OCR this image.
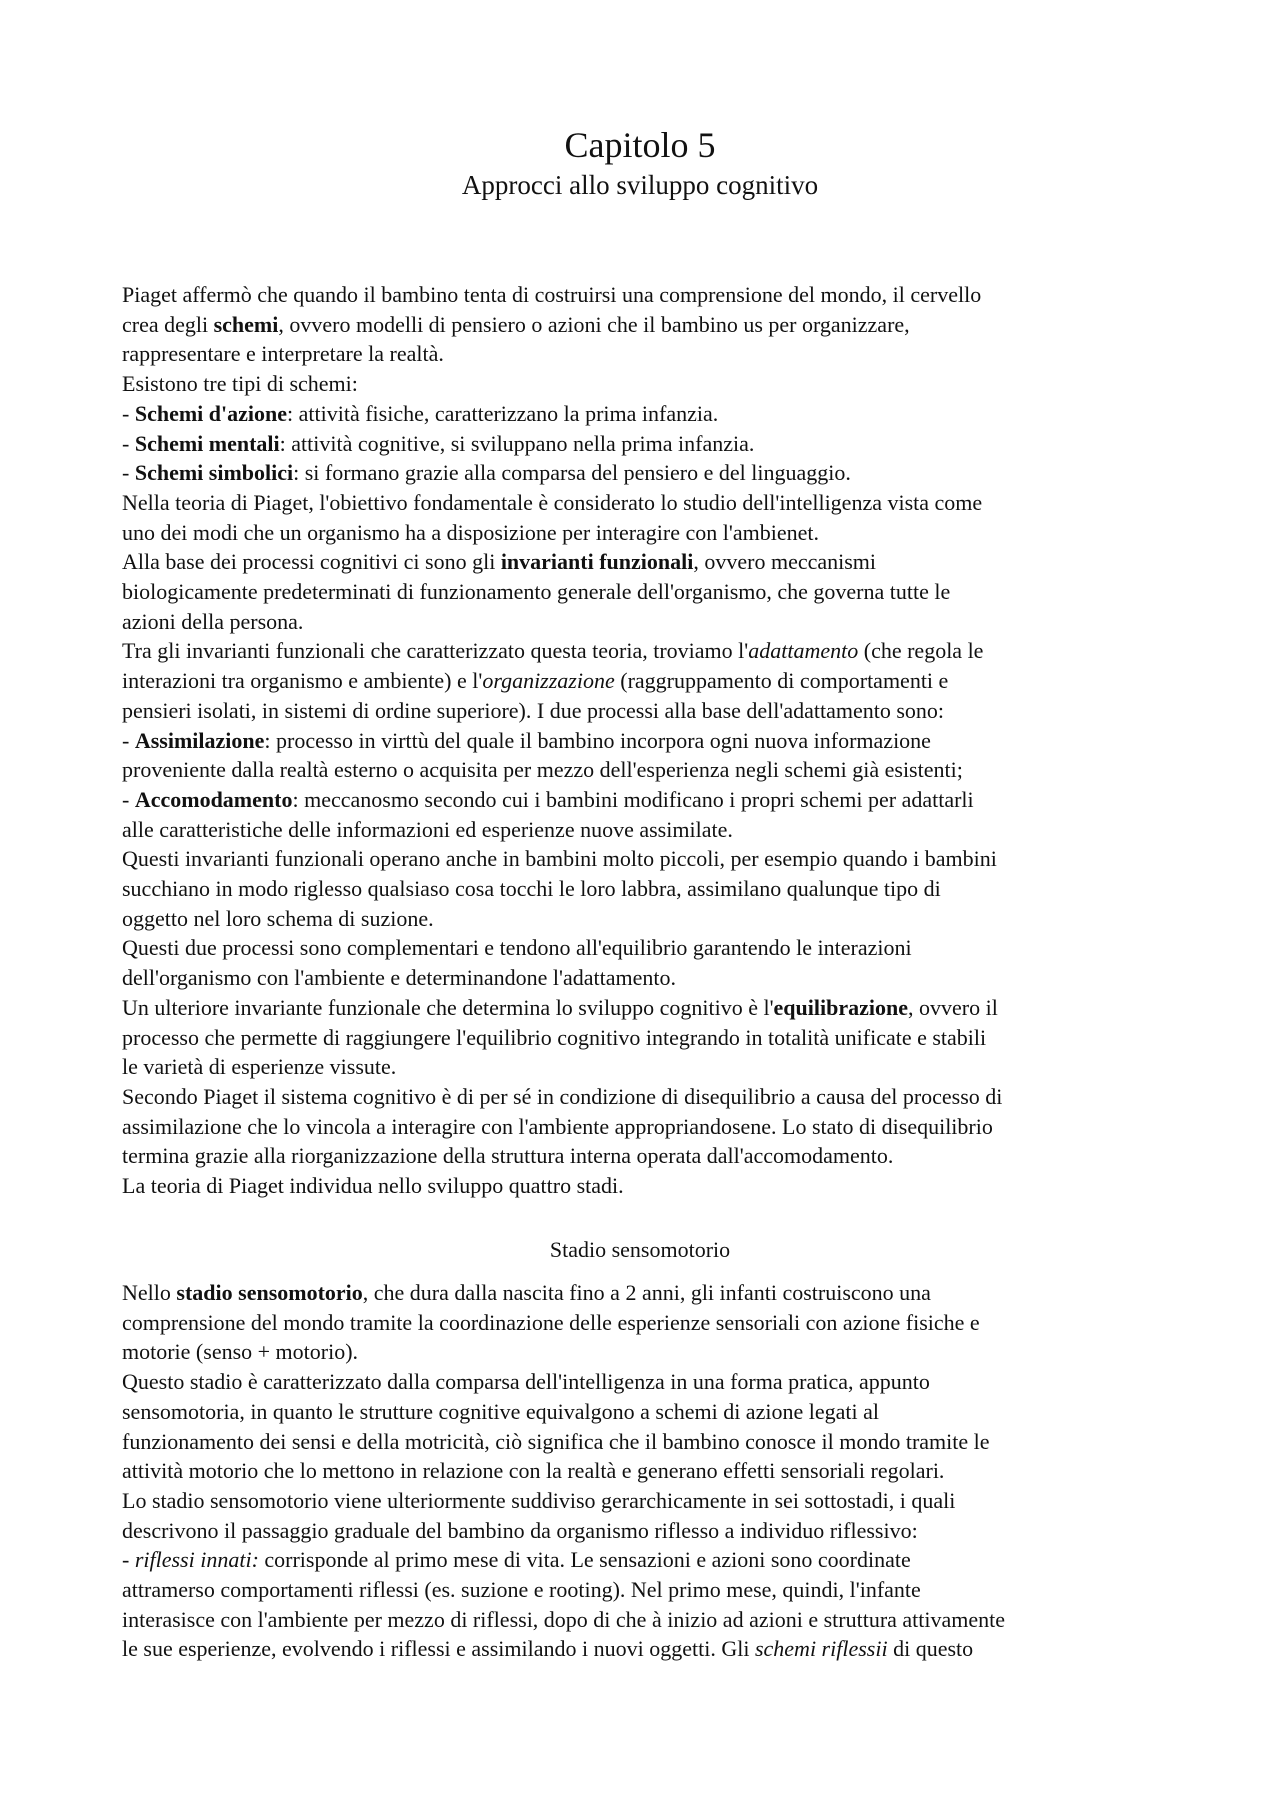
Capitolo 5
Approcci allo sviluppo cognitivo
Piaget affermò che quando il bambino tenta di costruirsi una comprensione del mondo, il cervello
crea degli schemi, ovvero modelli di pensiero o azioni che il bambino us per organizzare,
rappresentare e interpretare la realtà.
Esistono tre tipi di schemi:
- Schemi d'azione: attività fisiche, caratterizzano la prima infanzia.
- Schemi mentali: attività cognitive, si sviluppano nella prima infanzia.
- Schemi simbolici: si formano grazie alla comparsa del pensiero e del linguaggio.
Nella teoria di Piaget, l'obiettivo fondamentale è considerato lo studio dell'intelligenza vista come
uno dei modi che un organismo ha a disposizione per interagire con l'ambienet.
Alla base dei processi cognitivi ci sono gli invarianti funzionali, ovvero meccanismi
biologicamente predeterminati di funzionamento generale dell'organismo, che governa tutte le
azioni della persona.
Tra gli invarianti funzionali che caratterizzato questa teoria, troviamo l'adattamento (che regola le
interazioni tra organismo e ambiente) e l'organizzazione (raggruppamento di comportamenti e
pensieri isolati, in sistemi di ordine superiore). I due processi alla base dell'adattamento sono:
- Assimilazione: processo in virttù del quale il bambino incorpora ogni nuova informazione
proveniente dalla realtà esterno o acquisita per mezzo dell'esperienza negli schemi già esistenti;
- Accomodamento: meccanosmo secondo cui i bambini modificano i propri schemi per adattarli
alle caratteristiche delle informazioni ed esperienze nuove assimilate.
Questi invarianti funzionali operano anche in bambini molto piccoli, per esempio quando i bambini
succhiano in modo riglesso qualsiaso cosa tocchi le loro labbra, assimilano qualunque tipo di
oggetto nel loro schema di suzione.
Questi due processi sono complementari e tendono all'equilibrio garantendo le interazioni
dell'organismo con l'ambiente e determinandone l'adattamento.
Un ulteriore invariante funzionale che determina lo sviluppo cognitivo è l'equilibrazione, ovvero il
processo che permette di raggiungere l'equilibrio cognitivo integrando in totalità unificate e stabili
le varietà di esperienze vissute.
Secondo Piaget il sistema cognitivo è di per sé in condizione di disequilibrio a causa del processo di
assimilazione che lo vincola a interagire con l'ambiente appropriandosene. Lo stato di disequilibrio
termina grazie alla riorganizzazione della struttura interna operata dall'accomodamento.
La teoria di Piaget individua nello sviluppo quattro stadi.
Stadio sensomotorio
Nello stadio sensomotorio, che dura dalla nascita fino a 2 anni, gli infanti costruiscono una
comprensione del mondo tramite la coordinazione delle esperienze sensoriali con azione fisiche e
motorie (senso + motorio).
Questo stadio è caratterizzato dalla comparsa dell'intelligenza in una forma pratica, appunto
sensomotoria, in quanto le strutture cognitive equivalgono a schemi di azione legati al
funzionamento dei sensi e della motricità, ciò significa che il bambino conosce il mondo tramite le
attività motorio che lo mettono in relazione con la realtà e generano effetti sensoriali regolari.
Lo stadio sensomotorio viene ulteriormente suddiviso gerarchicamente in sei sottostadi, i quali
descrivono il passaggio graduale del bambino da organismo riflesso a individuo riflessivo:
- riflessi innati: corrisponde al primo mese di vita. Le sensazioni e azioni sono coordinate
attramerso comportamenti riflessi (es. suzione e rooting). Nel primo mese, quindi, l'infante
interasisce con l'ambiente per mezzo di riflessi, dopo di che à inizio ad azioni e struttura attivamente
le sue esperienze, evolvendo i riflessi e assimilando i nuovi oggetti. Gli schemi riflessii di questo
